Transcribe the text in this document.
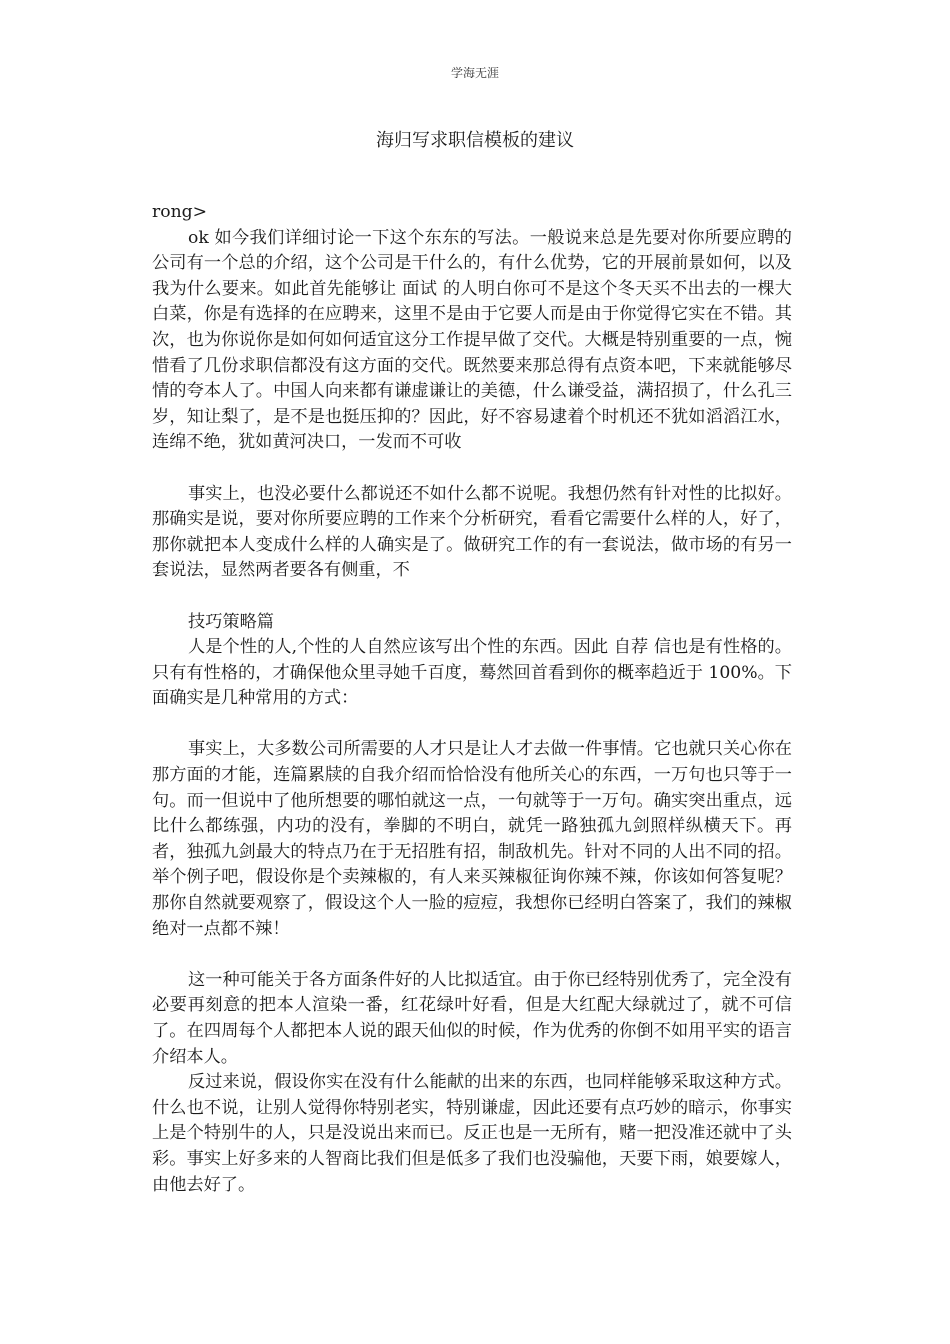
学海无涯
海归写求职信模板的建议

rong>

ok 如今我们详细讨论一下这个东东的写法。一般说来总是先要对你所要应聘的公司有一个总的介绍，这个公司是干什么的，有什么优势，它的开展前景如何，以及我为什么要来。如此首先能够让 面试 的人明白你可不是这个冬天买不出去的一棵大白菜，你是有选择的在应聘来，这里不是由于它要人而是由于你觉得它实在不错。其次，也为你说你是如何如何适宜这分工作提早做了交代。大概是特别重要的一点，惋惜看了几份求职信都没有这方面的交代。既然要来那总得有点资本吧，下来就能够尽情的夸本人了。中国人向来都有谦虚谦让的美德，什么谦受益，满招损了，什么孔三岁，知让梨了，是不是也挺压抑的？因此，好不容易逮着个时机还不犹如滔滔江水，连绵不绝，犹如黄河决口，一发而不可收

事实上，也没必要什么都说还不如什么都不说呢。我想仍然有针对性的比拟好。那确实是说，要对你所要应聘的工作来个分析研究，看看它需要什么样的人，好了，那你就把本人变成什么样的人确实是了。做研究工作的有一套说法，做市场的有另一套说法，显然两者要各有侧重，不

技巧策略篇

人是个性的人,个性的人自然应该写出个性的东西。因此 自荐 信也是有性格的。只有有性格的，才确保他众里寻她千百度，蓦然回首看到你的概率趋近于 100%。下面确实是几种常用的方式：

事实上，大多数公司所需要的人才只是让人才去做一件事情。它也就只关心你在那方面的才能，连篇累牍的自我介绍而恰恰没有他所关心的东西，一万句也只等于一句。而一但说中了他所想要的哪怕就这一点，一句就等于一万句。确实突出重点，远比什么都练强，内功的没有，拳脚的不明白，就凭一路独孤九剑照样纵横天下。再者，独孤九剑最大的特点乃在于无招胜有招，制敌机先。针对不同的人出不同的招。举个例子吧，假设你是个卖辣椒的，有人来买辣椒征询你辣不辣，你该如何答复呢？那你自然就要观察了，假设这个人一脸的痘痘，我想你已经明白答案了，我们的辣椒绝对一点都不辣！

这一种可能关于各方面条件好的人比拟适宜。由于你已经特别优秀了，完全没有必要再刻意的把本人渲染一番，红花绿叶好看，但是大红配大绿就过了，就不可信了。在四周每个人都把本人说的跟天仙似的时候，作为优秀的你倒不如用平实的语言介绍本人。

反过来说，假设你实在没有什么能献的出来的东西，也同样能够采取这种方式。什么也不说，让别人觉得你特别老实，特别谦虚，因此还要有点巧妙的暗示，你事实上是个特别牛的人，只是没说出来而已。反正也是一无所有，赌一把没准还就中了头彩。事实上好多来的人智商比我们但是低多了我们也没骗他，天要下雨，娘要嫁人，由他去好了。
